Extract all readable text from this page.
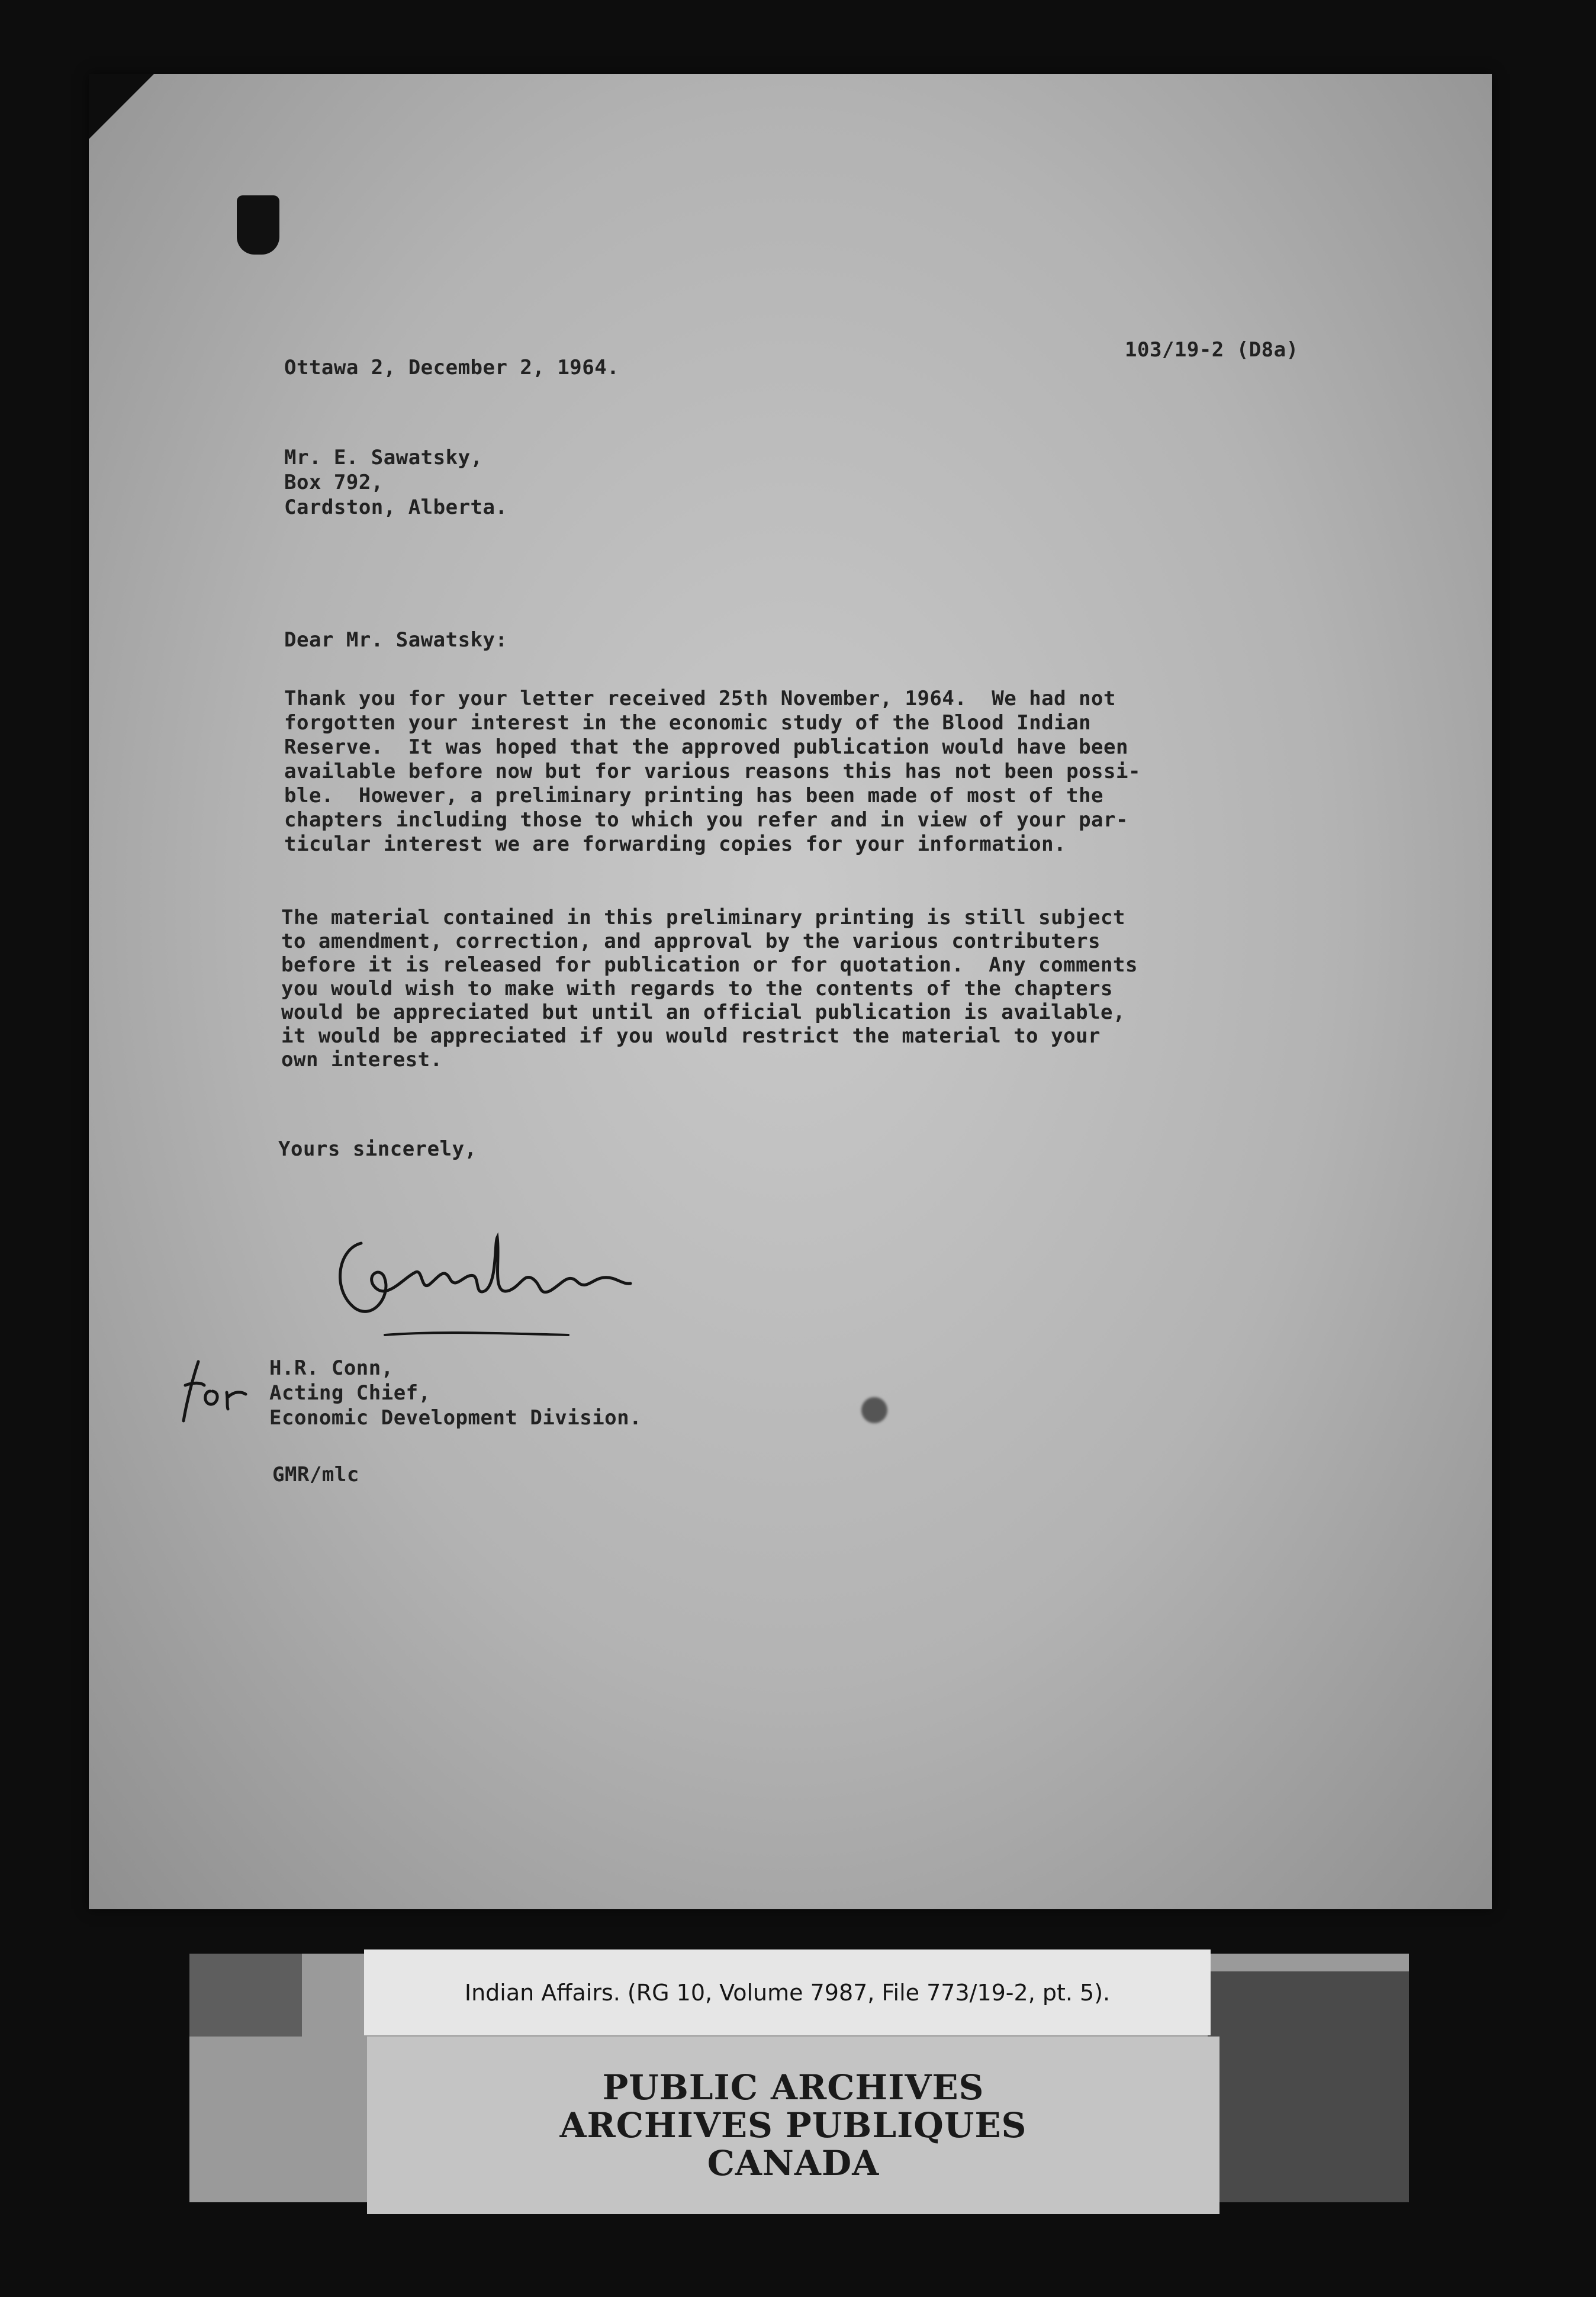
Ottawa 2, December 2, 1964.

103/19-2 (D8a)

Mr. E. Sawatsky,
Box 792,
Cardston, Alberta.

Dear Mr. Sawatsky:

Thank you for your letter received 25th November, 1964.  We had not
forgotten your interest in the economic study of the Blood Indian
Reserve.  It was hoped that the approved publication would have been
available before now but for various reasons this has not been possi-
ble.  However, a preliminary printing has been made of most of the
chapters including those to which you refer and in view of your par-
ticular interest we are forwarding copies for your information.

The material contained in this preliminary printing is still subject
to amendment, correction, and approval by the various contributers
before it is released for publication or for quotation.  Any comments
you would wish to make with regards to the contents of the chapters
would be appreciated but until an official publication is available,
it would be appreciated if you would restrict the material to your
own interest.

Yours sincerely,

for

H.R. Conn,
Acting Chief,
Economic Development Division.

GMR/mlc

Indian Affairs. (RG 10, Volume 7987, File 773/19-2, pt. 5).
PUBLIC ARCHIVES
ARCHIVES PUBLIQUES
CANADA
